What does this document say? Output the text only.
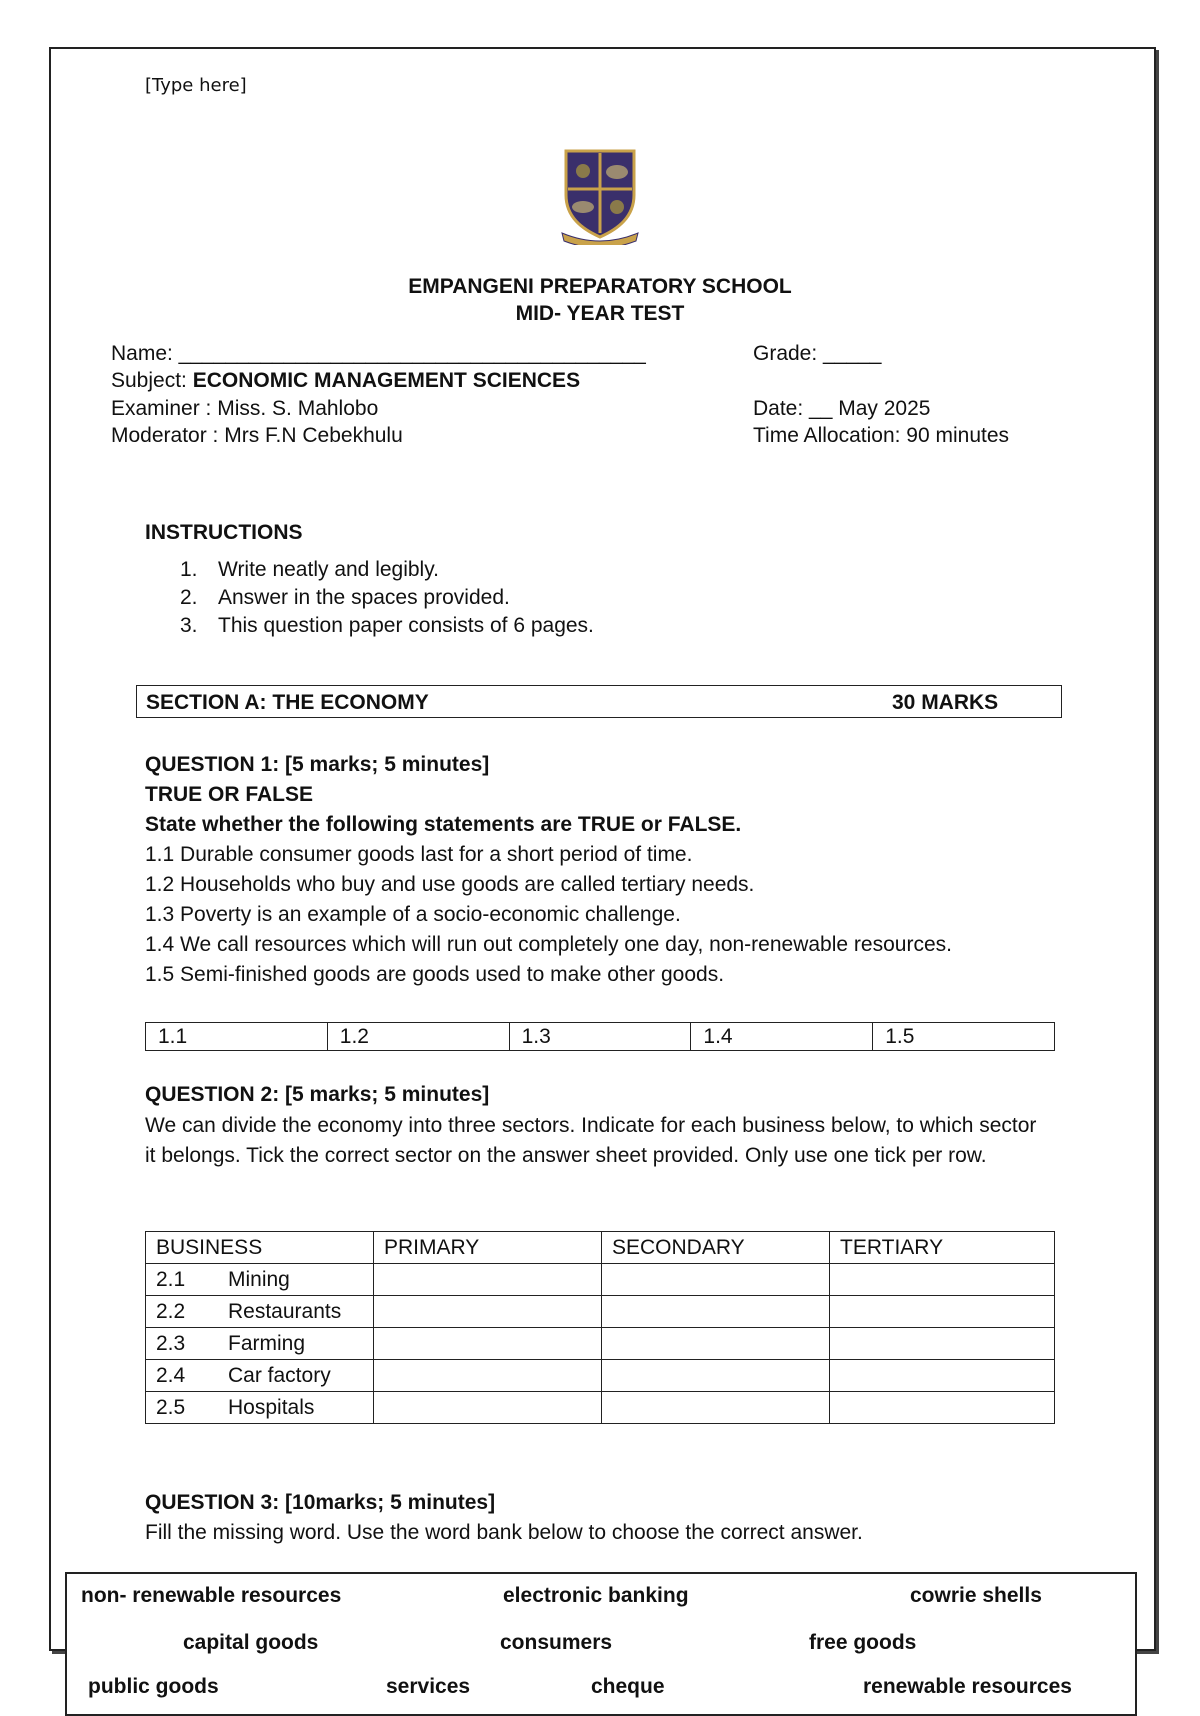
[Type here]
EMPANGENI PREPARATORY SCHOOL
MID- YEAR TEST
Name: ________________________________________	Grade: _____
Subject: ECONOMIC MANAGEMENT SCIENCES
Examiner : Miss. S. Mahlobo	Date: __ May 2025
Moderator : Mrs F.N Cebekhulu	Time Allocation: 90 minutes
INSTRUCTIONS
1. Write neatly and legibly.
2. Answer in the spaces provided.
3. This question paper consists of 6 pages.
SECTION A: THE ECONOMY	30 MARKS
QUESTION 1: [5 marks; 5 minutes]
TRUE OR FALSE
State whether the following statements are TRUE or FALSE.
1.1 Durable consumer goods last for a short period of time.
1.2 Households who buy and use goods are called tertiary needs.
1.3 Poverty is an example of a socio-economic challenge.
1.4 We call resources which will run out completely one day, non-renewable resources.
1.5 Semi-finished goods are goods used to make other goods.
1.1	1.2	1.3	1.4	1.5
QUESTION 2: [5 marks; 5 minutes]
We can divide the economy into three sectors. Indicate for each business below, to which sector it belongs. Tick the correct sector on the answer sheet provided. Only use one tick per row.
BUSINESS	PRIMARY	SECONDARY	TERTIARY
2.1 Mining			
2.2 Restaurants			
2.3 Farming			
2.4 Car factory			
2.5 Hospitals			
QUESTION 3: [10marks; 5 minutes]
Fill the missing word. Use the word bank below to choose the correct answer.
non- renewable resources	electronic banking	cowrie shells
capital goods	consumers	free goods
public goods	services	cheque	renewable resources
